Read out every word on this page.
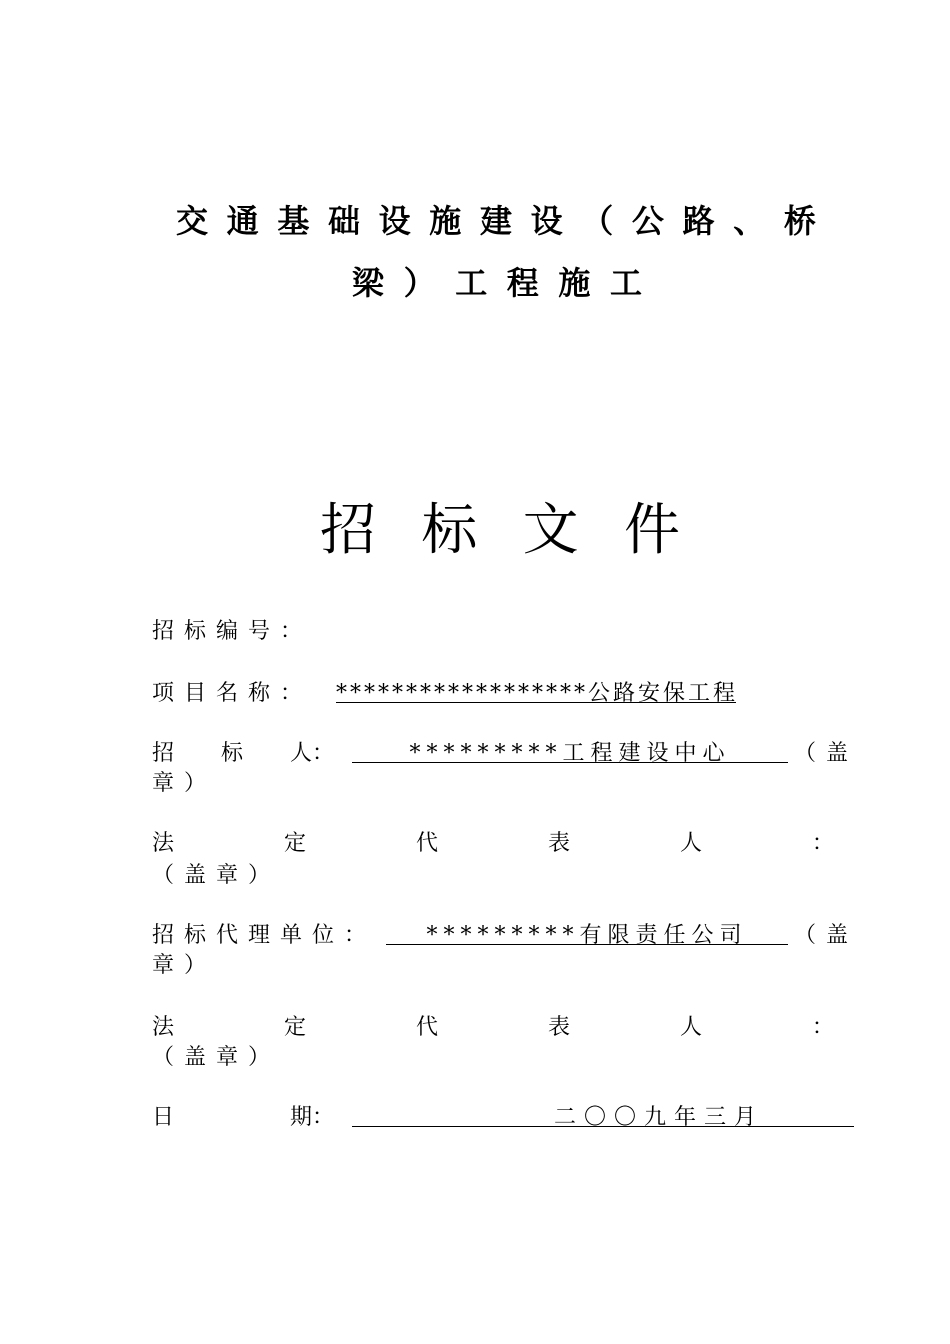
交 通 基 础 设 施 建 设 （ 公 路 、 桥
梁 ） 工 程 施 工
招 标 文 件
招标编号：
项目名称： ******************公路安保工程
招 标 人：	*********工程建设中心	（盖
章）
法	定	代	表	人	：
（盖章）
招标代理单位：	*********有限责任公司	（盖
章）
法	定	代	表	人	：
（盖章）
日	期：	二〇〇九年三月
